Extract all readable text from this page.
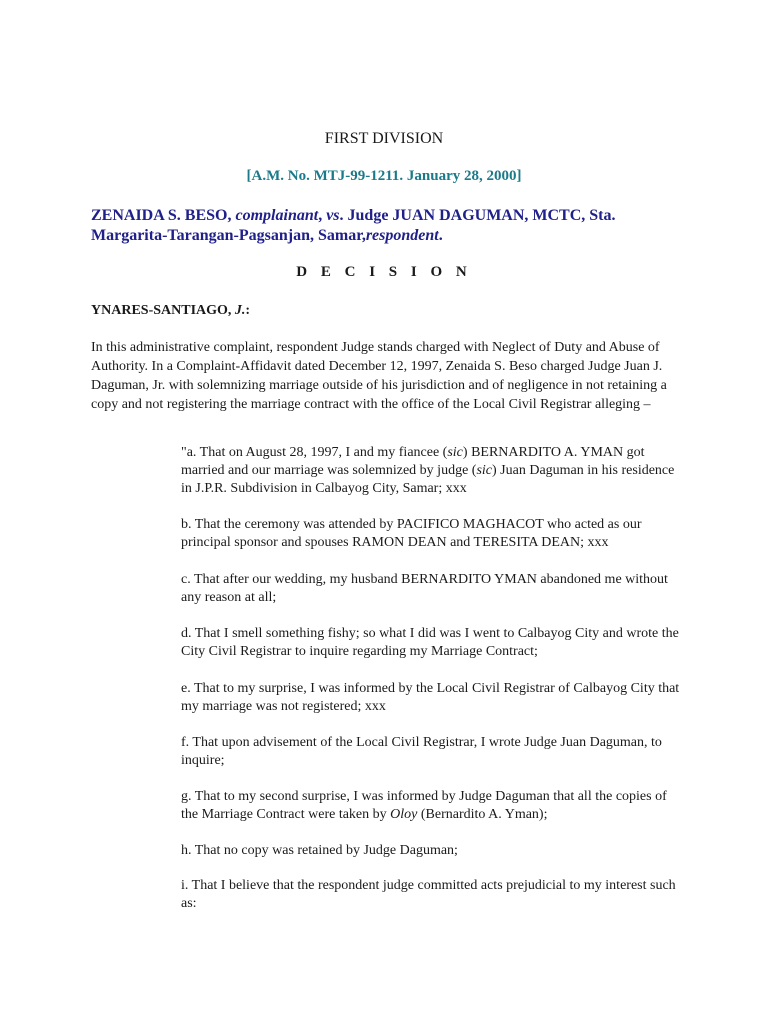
FIRST DIVISION
[A.M. No. MTJ-99-1211. January 28, 2000]
ZENAIDA S. BESO, complainant, vs. Judge JUAN DAGUMAN, MCTC, Sta. Margarita-Tarangan-Pagsanjan, Samar,respondent.
D E C I S I O N
YNARES-SANTIAGO, J.:
In this administrative complaint, respondent Judge stands charged with Neglect of Duty and Abuse of Authority. In a Complaint-Affidavit dated December 12, 1997, Zenaida S. Beso charged Judge Juan J. Daguman, Jr. with solemnizing marriage outside of his jurisdiction and of negligence in not retaining a copy and not registering the marriage contract with the office of the Local Civil Registrar alleging –
"a. That on August 28, 1997, I and my fiancee (sic) BERNARDITO A. YMAN got married and our marriage was solemnized by judge (sic) Juan Daguman in his residence in J.P.R. Subdivision in Calbayog City, Samar; xxx
b. That the ceremony was attended by PACIFICO MAGHACOT who acted as our principal sponsor and spouses RAMON DEAN and TERESITA DEAN; xxx
c. That after our wedding, my husband BERNARDITO YMAN abandoned me without any reason at all;
d. That I smell something fishy; so what I did was I went to Calbayog City and wrote the City Civil Registrar to inquire regarding my Marriage Contract;
e. That to my surprise, I was informed by the Local Civil Registrar of Calbayog City that my marriage was not registered; xxx
f. That upon advisement of the Local Civil Registrar, I wrote Judge Juan Daguman, to inquire;
g. That to my second surprise, I was informed by Judge Daguman that all the copies of the Marriage Contract were taken by Oloy (Bernardito A. Yman);
h. That no copy was retained by Judge Daguman;
i. That I believe that the respondent judge committed acts prejudicial to my interest such as:
